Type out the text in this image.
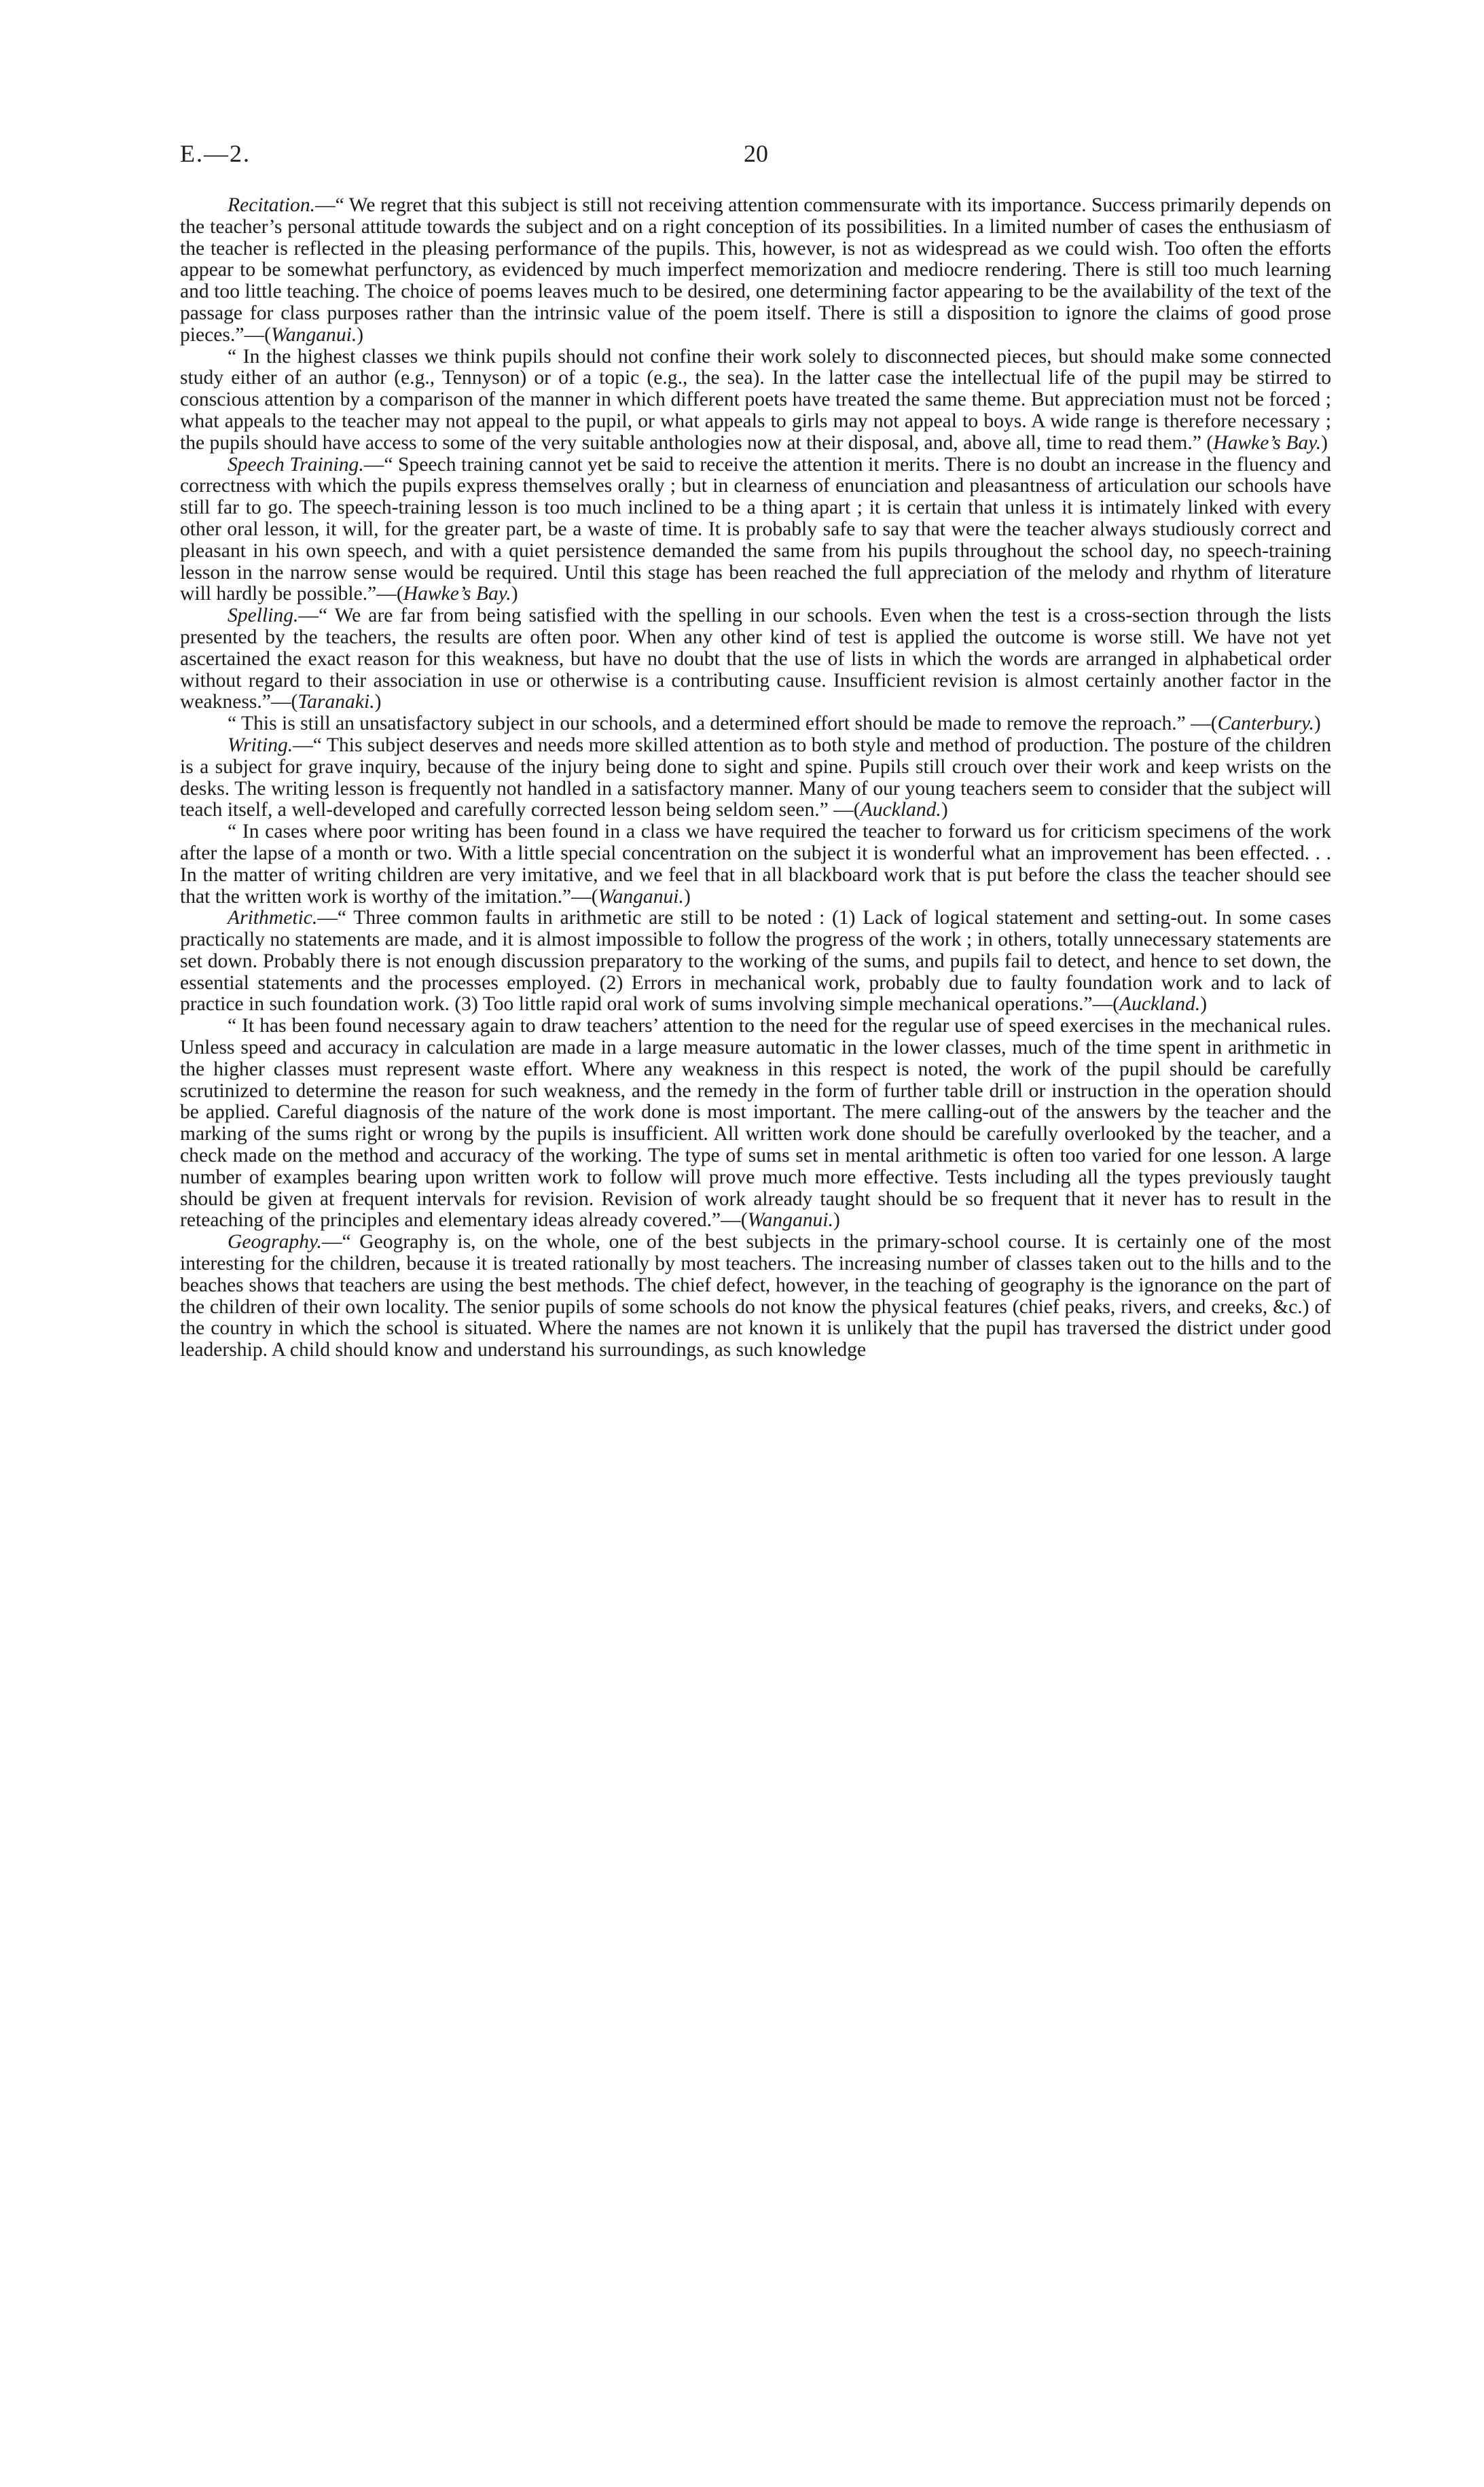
E.—2.	20

Recitation.—“ We regret that this subject is still not receiving attention commensurate with its importance. Success primarily depends on the teacher’s personal attitude towards the subject and on a right conception of its possibilities. In a limited number of cases the enthusiasm of the teacher is reflected in the pleasing performance of the pupils. This, however, is not as widespread as we could wish. Too often the efforts appear to be somewhat perfunctory, as evidenced by much imperfect memorization and mediocre rendering. There is still too much learning and too little teaching. The choice of poems leaves much to be desired, one determining factor appearing to be the availability of the text of the passage for class purposes rather than the intrinsic value of the poem itself. There is still a disposition to ignore the claims of good prose pieces.”—(Wanganui.)

“ In the highest classes we think pupils should not confine their work solely to disconnected pieces, but should make some connected study either of an author (e.g., Tennyson) or of a topic (e.g., the sea). In the latter case the intellectual life of the pupil may be stirred to conscious attention by a comparison of the manner in which different poets have treated the same theme. But appreciation must not be forced ; what appeals to the teacher may not appeal to the pupil, or what appeals to girls may not appeal to boys. A wide range is therefore necessary ; the pupils should have access to some of the very suitable anthologies now at their disposal, and, above all, time to read them.” (Hawke’s Bay.)

Speech Training.—“ Speech training cannot yet be said to receive the attention it merits. There is no doubt an increase in the fluency and correctness with which the pupils express themselves orally ; but in clearness of enunciation and pleasantness of articulation our schools have still far to go. The speech-training lesson is too much inclined to be a thing apart ; it is certain that unless it is intimately linked with every other oral lesson, it will, for the greater part, be a waste of time. It is probably safe to say that were the teacher always studiously correct and pleasant in his own speech, and with a quiet persistence demanded the same from his pupils throughout the school day, no speech-training lesson in the narrow sense would be required. Until this stage has been reached the full appreciation of the melody and rhythm of literature will hardly be possible.”—(Hawke’s Bay.)

Spelling.—“ We are far from being satisfied with the spelling in our schools. Even when the test is a cross-section through the lists presented by the teachers, the results are often poor. When any other kind of test is applied the outcome is worse still. We have not yet ascertained the exact reason for this weakness, but have no doubt that the use of lists in which the words are arranged in alphabetical order without regard to their association in use or otherwise is a contributing cause. Insufficient revision is almost certainly another factor in the weakness.”—(Taranaki.)

“ This is still an unsatisfactory subject in our schools, and a determined effort should be made to remove the reproach.” —(Canterbury.)

Writing.—“ This subject deserves and needs more skilled attention as to both style and method of production. The posture of the children is a subject for grave inquiry, because of the injury being done to sight and spine. Pupils still crouch over their work and keep wrists on the desks. The writing lesson is frequently not handled in a satisfactory manner. Many of our young teachers seem to consider that the subject will teach itself, a well-developed and carefully corrected lesson being seldom seen.” —(Auckland.)

“ In cases where poor writing has been found in a class we have required the teacher to forward us for criticism specimens of the work after the lapse of a month or two. With a little special concentration on the subject it is wonderful what an improvement has been effected. . . In the matter of writing children are very imitative, and we feel that in all blackboard work that is put before the class the teacher should see that the written work is worthy of the imitation.”—(Wanganui.)

Arithmetic.—“ Three common faults in arithmetic are still to be noted : (1) Lack of logical statement and setting-out. In some cases practically no statements are made, and it is almost impossible to follow the progress of the work ; in others, totally unnecessary statements are set down. Probably there is not enough discussion preparatory to the working of the sums, and pupils fail to detect, and hence to set down, the essential statements and the processes employed. (2) Errors in mechanical work, probably due to faulty foundation work and to lack of practice in such foundation work. (3) Too little rapid oral work of sums involving simple mechanical operations.”—(Auckland.)

“ It has been found necessary again to draw teachers’ attention to the need for the regular use of speed exercises in the mechanical rules. Unless speed and accuracy in calculation are made in a large measure automatic in the lower classes, much of the time spent in arithmetic in the higher classes must represent waste effort. Where any weakness in this respect is noted, the work of the pupil should be carefully scrutinized to determine the reason for such weakness, and the remedy in the form of further table drill or instruction in the operation should be applied. Careful diagnosis of the nature of the work done is most important. The mere calling-out of the answers by the teacher and the marking of the sums right or wrong by the pupils is insufficient. All written work done should be carefully overlooked by the teacher, and a check made on the method and accuracy of the working. The type of sums set in mental arithmetic is often too varied for one lesson. A large number of examples bearing upon written work to follow will prove much more effective. Tests including all the types previously taught should be given at frequent intervals for revision. Revision of work already taught should be so frequent that it never has to result in the reteaching of the principles and elementary ideas already covered.”—(Wanganui.)

Geography.—“ Geography is, on the whole, one of the best subjects in the primary-school course. It is certainly one of the most interesting for the children, because it is treated rationally by most teachers. The increasing number of classes taken out to the hills and to the beaches shows that teachers are using the best methods. The chief defect, however, in the teaching of geography is the ignorance on the part of the children of their own locality. The senior pupils of some schools do not know the physical features (chief peaks, rivers, and creeks, &c.) of the country in which the school is situated. Where the names are not known it is unlikely that the pupil has traversed the district under good leadership. A child should know and understand his surroundings, as such knowledge
